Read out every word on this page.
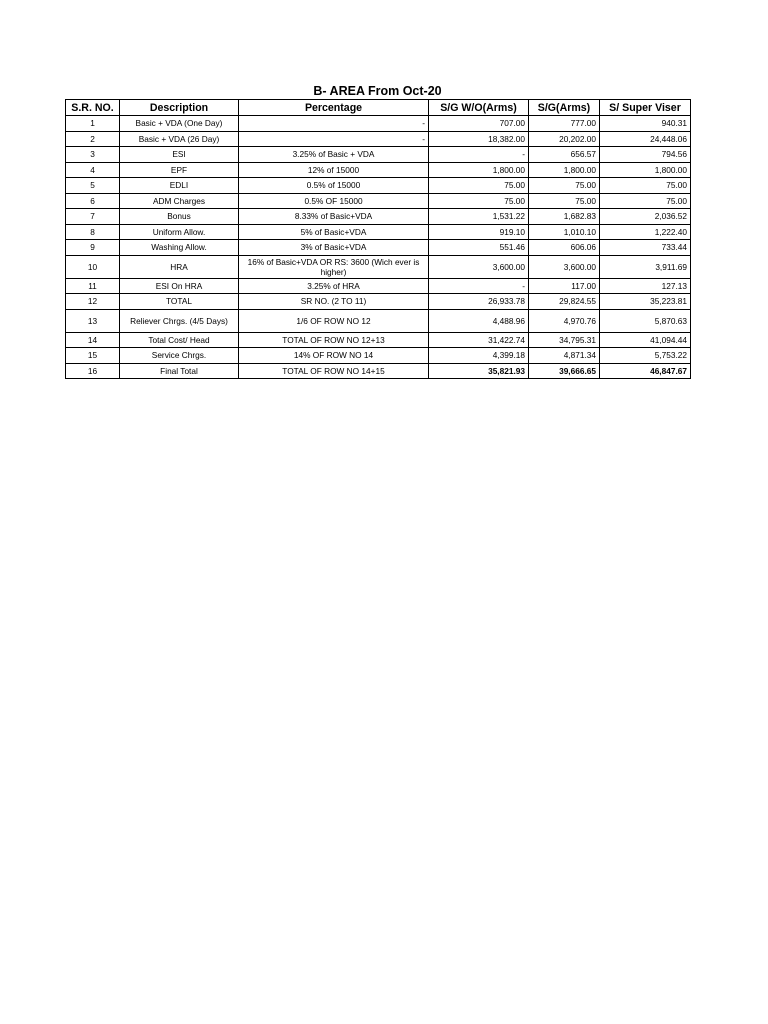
B- AREA From Oct-20
S.R. NO.	Description	Percentage	S/G W/O(Arms)	S/G(Arms)	S/ Super Viser
1	Basic + VDA (One Day)	-	707.00	777.00	940.31
2	Basic + VDA (26 Day)	-	18,382.00	20,202.00	24,448.06
3	ESI	3.25% of Basic + VDA	-	656.57	794.56
4	EPF	12% of 15000	1,800.00	1,800.00	1,800.00
5	EDLI	0.5% of 15000	75.00	75.00	75.00
6	ADM Charges	0.5% OF 15000	75.00	75.00	75.00
7	Bonus	8.33% of Basic+VDA	1,531.22	1,682.83	2,036.52
8	Uniform Allow.	5% of Basic+VDA	919.10	1,010.10	1,222.40
9	Washing Allow.	3% of Basic+VDA	551.46	606.06	733.44
10	HRA	16% of Basic+VDA OR RS: 3600 (Wich ever is higher)	3,600.00	3,600.00	3,911.69
11	ESI On HRA	3.25% of HRA	-	117.00	127.13
12	TOTAL	SR NO. (2 TO 11)	26,933.78	29,824.55	35,223.81
13	Reliever Chrgs. (4/5 Days)	1/6 OF ROW NO 12	4,488.96	4,970.76	5,870.63
14	Total Cost/ Head	TOTAL OF ROW NO 12+13	31,422.74	34,795.31	41,094.44
15	Service Chrgs.	14% OF ROW NO 14	4,399.18	4,871.34	5,753.22
16	Final Total	TOTAL OF ROW NO 14+15	35,821.93	39,666.65	46,847.67
